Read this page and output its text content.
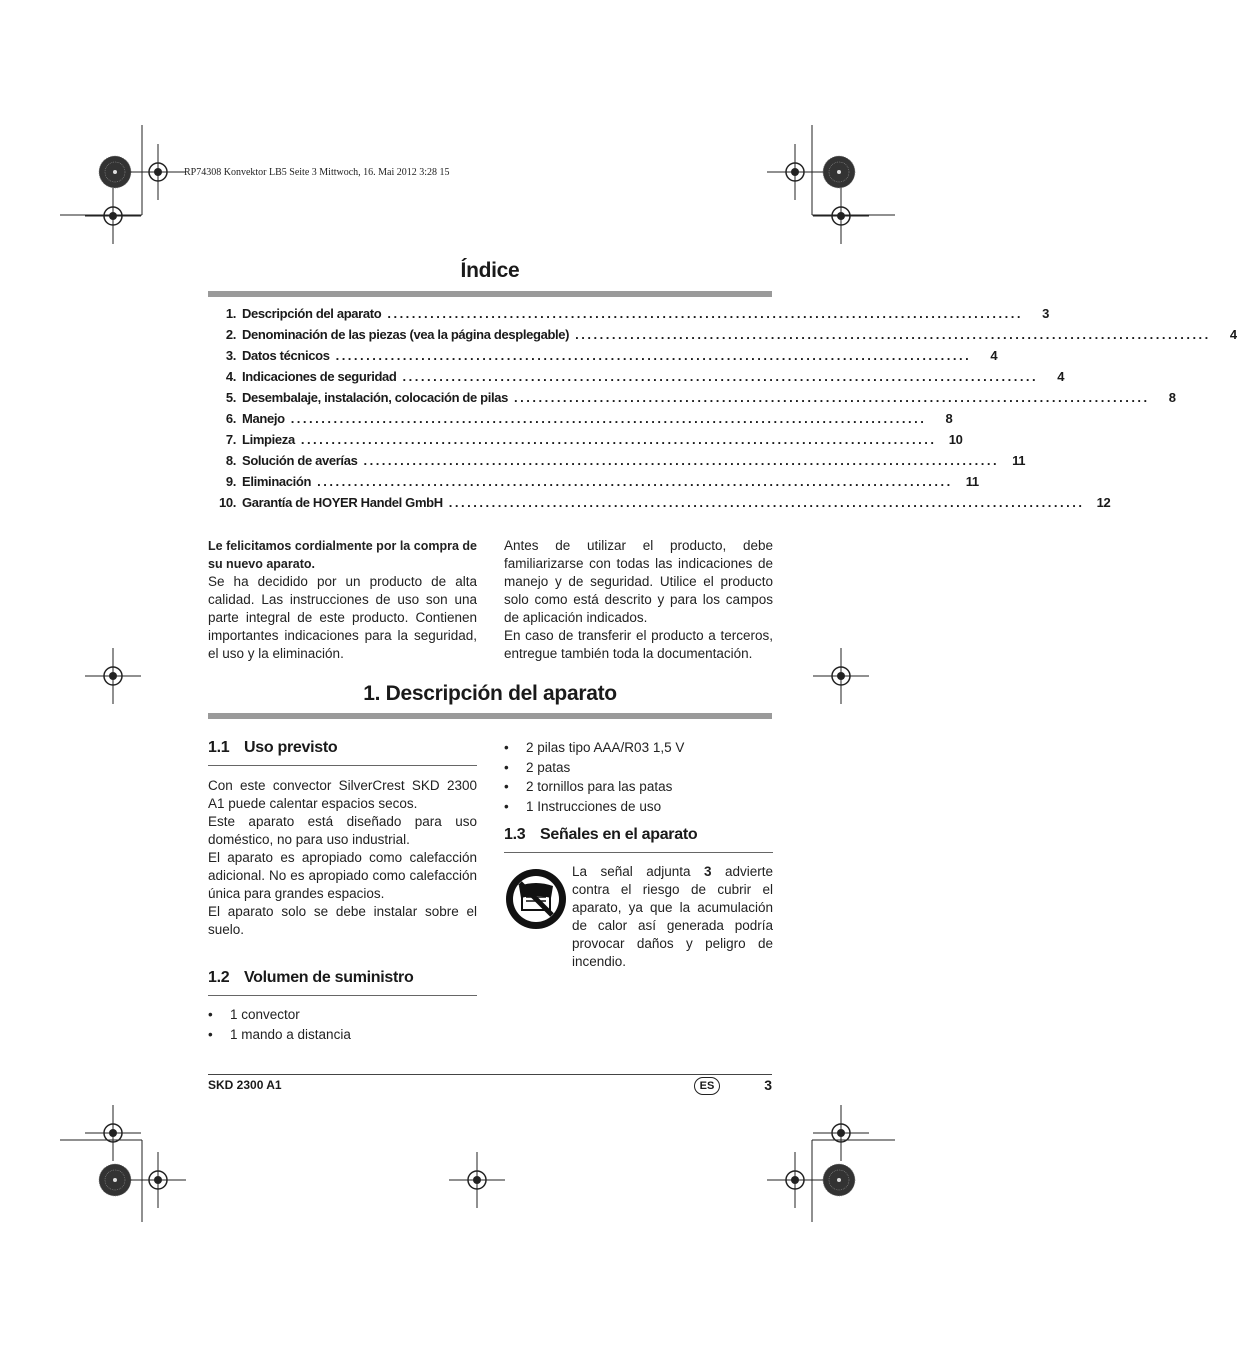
RP74308 Konvektor LB5 Seite 3 Mittwoch, 16. Mai 2012 3:28 15
Índice
1. Descripción del aparato ........................................................................................................	3
2. Denominación de las piezas (vea la página desplegable) ........................................................................................................	4
3. Datos técnicos ........................................................................................................	4
4. Indicaciones de seguridad ........................................................................................................	4
5. Desembalaje, instalación, colocación de pilas ........................................................................................................	8
6. Manejo ........................................................................................................	8
7. Limpieza ........................................................................................................ 10
8. Solución de averías ........................................................................................................ 11
9. Eliminación ........................................................................................................ 11
10. Garantía de HOYER Handel GmbH ........................................................................................................ 12

Le felicitamos cordialmente por la compra de su nuevo aparato.

Se ha decidido por un producto de alta calidad. Las instrucciones de uso son una parte integral de este producto. Contienen importantes indicaciones para la seguridad, el uso y la eliminación.

Antes de utilizar el producto, debe familiarizarse con todas las indicaciones de manejo y de seguridad. Utilice el producto solo como está descrito y para los campos de aplicación indicados.

En caso de transferir el producto a terceros, entregue también toda la documentación.

1. Descripción del aparato
1.1 Uso previsto

Con este convector SilverCrest SKD 2300 A1 puede calentar espacios secos.

Este aparato está diseñado para uso doméstico, no para uso industrial.

El aparato es apropiado como calefacción adicional. No es apropiado como calefacción única para grandes espacios.

El aparato solo se debe instalar sobre el suelo.

1.2 Volumen de suministro
• 1 convector
• 1 mando a distancia
• 2 pilas tipo AAA/R03 1,5 V
• 2 patas
• 2 tornillos para las patas
• 1 Instrucciones de uso
1.3 Señales en el aparato
La señal adjunta 3 advierte contra el riesgo de cubrir el aparato, ya que la acumulación de calor así generada podría provocar daños y peligro de incendio.
SKD 2300 A1	ES	3
